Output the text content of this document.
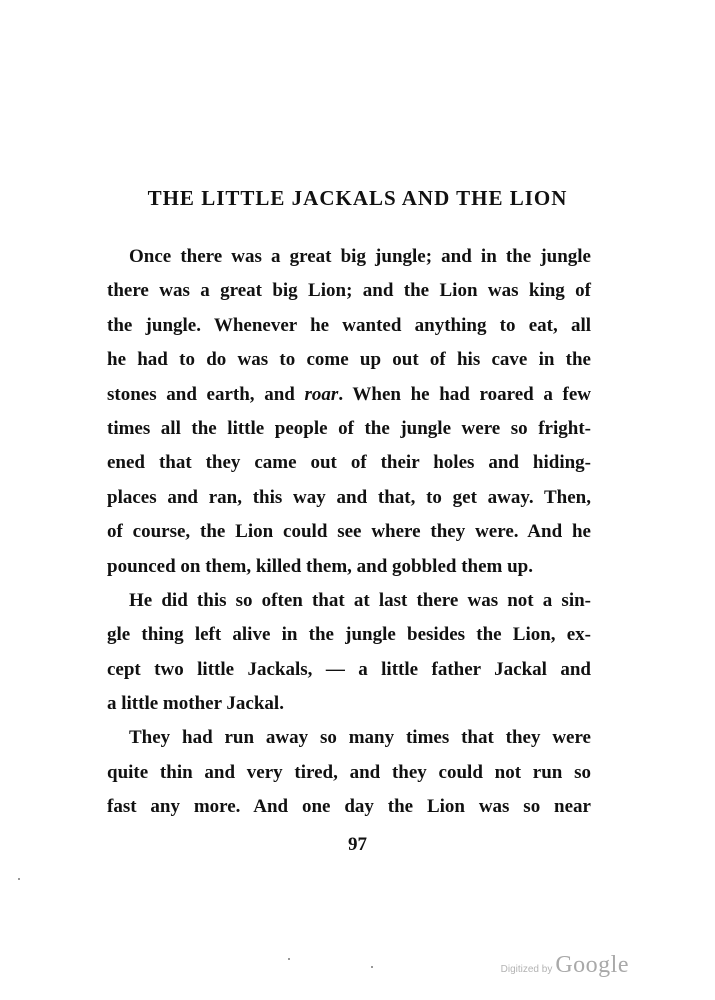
THE LITTLE JACKALS AND THE LION
Once there was a great big jungle; and in the jungle
there was a great big Lion; and the Lion was king of
the jungle. Whenever he wanted anything to eat, all
he had to do was to come up out of his cave in the
stones and earth, and roar. When he had roared a few
times all the little people of the jungle were so fright-
ened that they came out of their holes and hiding-
places and ran, this way and that, to get away. Then,
of course, the Lion could see where they were. And he
pounced on them, killed them, and gobbled them up.
He did this so often that at last there was not a sin-
gle thing left alive in the jungle besides the Lion, ex-
cept two little Jackals, — a little father Jackal and
a little mother Jackal.
They had run away so many times that they were
quite thin and very tired, and they could not run so
fast any more. And one day the Lion was so near
97
Digitized by Google
